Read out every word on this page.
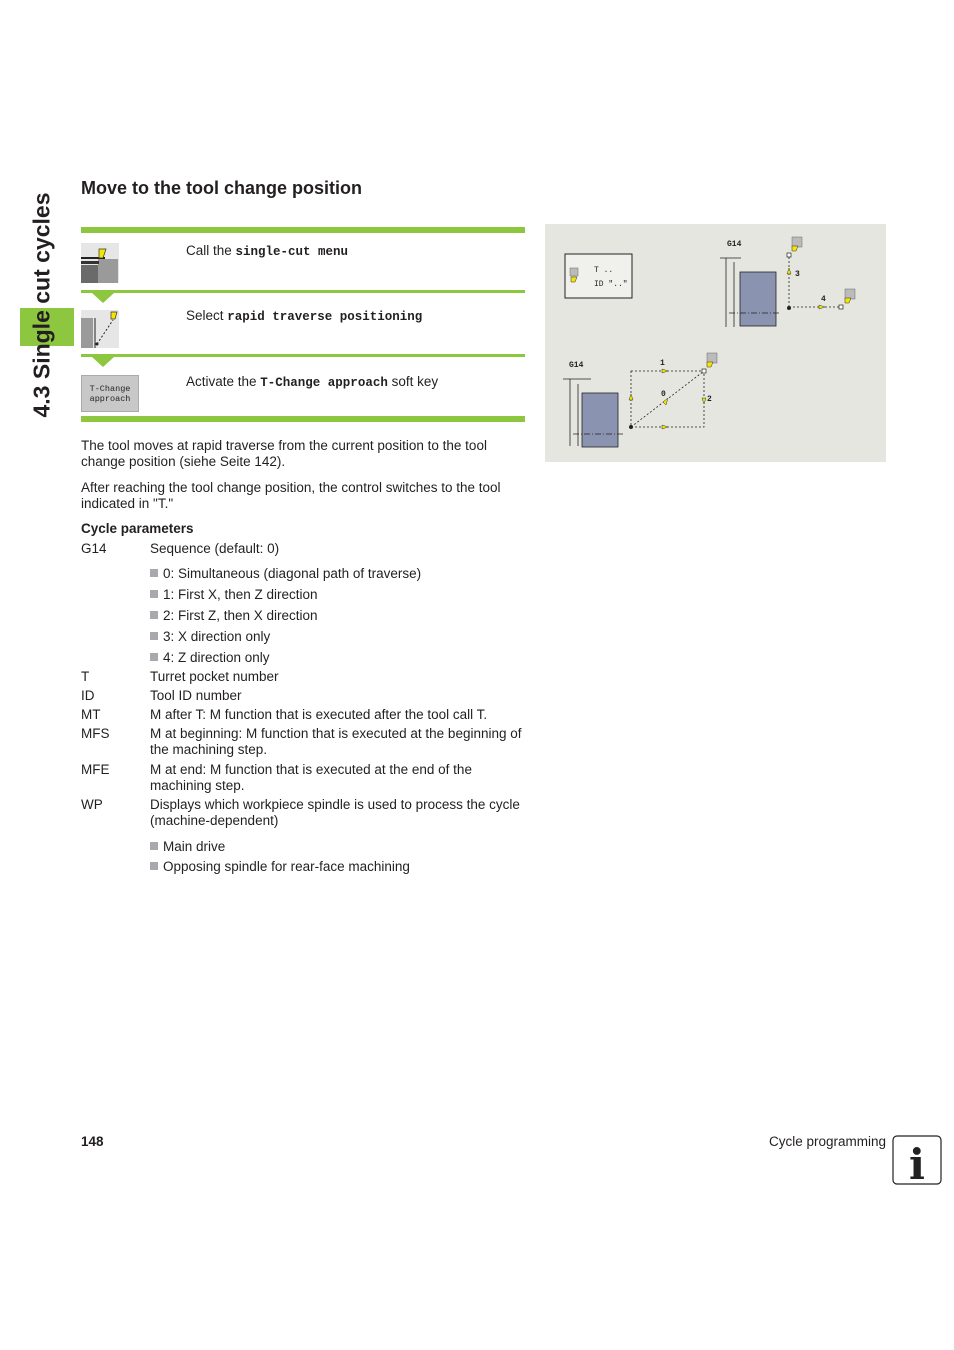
4.3 Single cut cycles
Move to the tool change position
Call the single-cut menu
Select rapid traverse positioning
T-Change
approach
Activate the T-Change approach soft key
The tool moves at rapid traverse from the current position to the tool change position (siehe Seite 142).
After reaching the tool change position, the control switches to the tool indicated in "T."
Cycle parameters
G14	Sequence (default: 0)
0: Simultaneous (diagonal path of traverse)
1: First X, then Z direction
2: First Z, then X direction
3: X direction only
4: Z direction only
T	Turret pocket number
ID	Tool ID number
MT	M after T: M function that is executed after the tool call T.
MFS	M at beginning: M function that is executed at the beginning of the machining step.
MFE	M at end: M function that is executed at the end of the machining step.
WP	Displays which workpiece spindle is used to process the cycle (machine-dependent)
Main drive
Opposing spindle for rear-face machining
T ..
ID ".."
G14
3
4
G14	1
2
0
148	Cycle programming i
